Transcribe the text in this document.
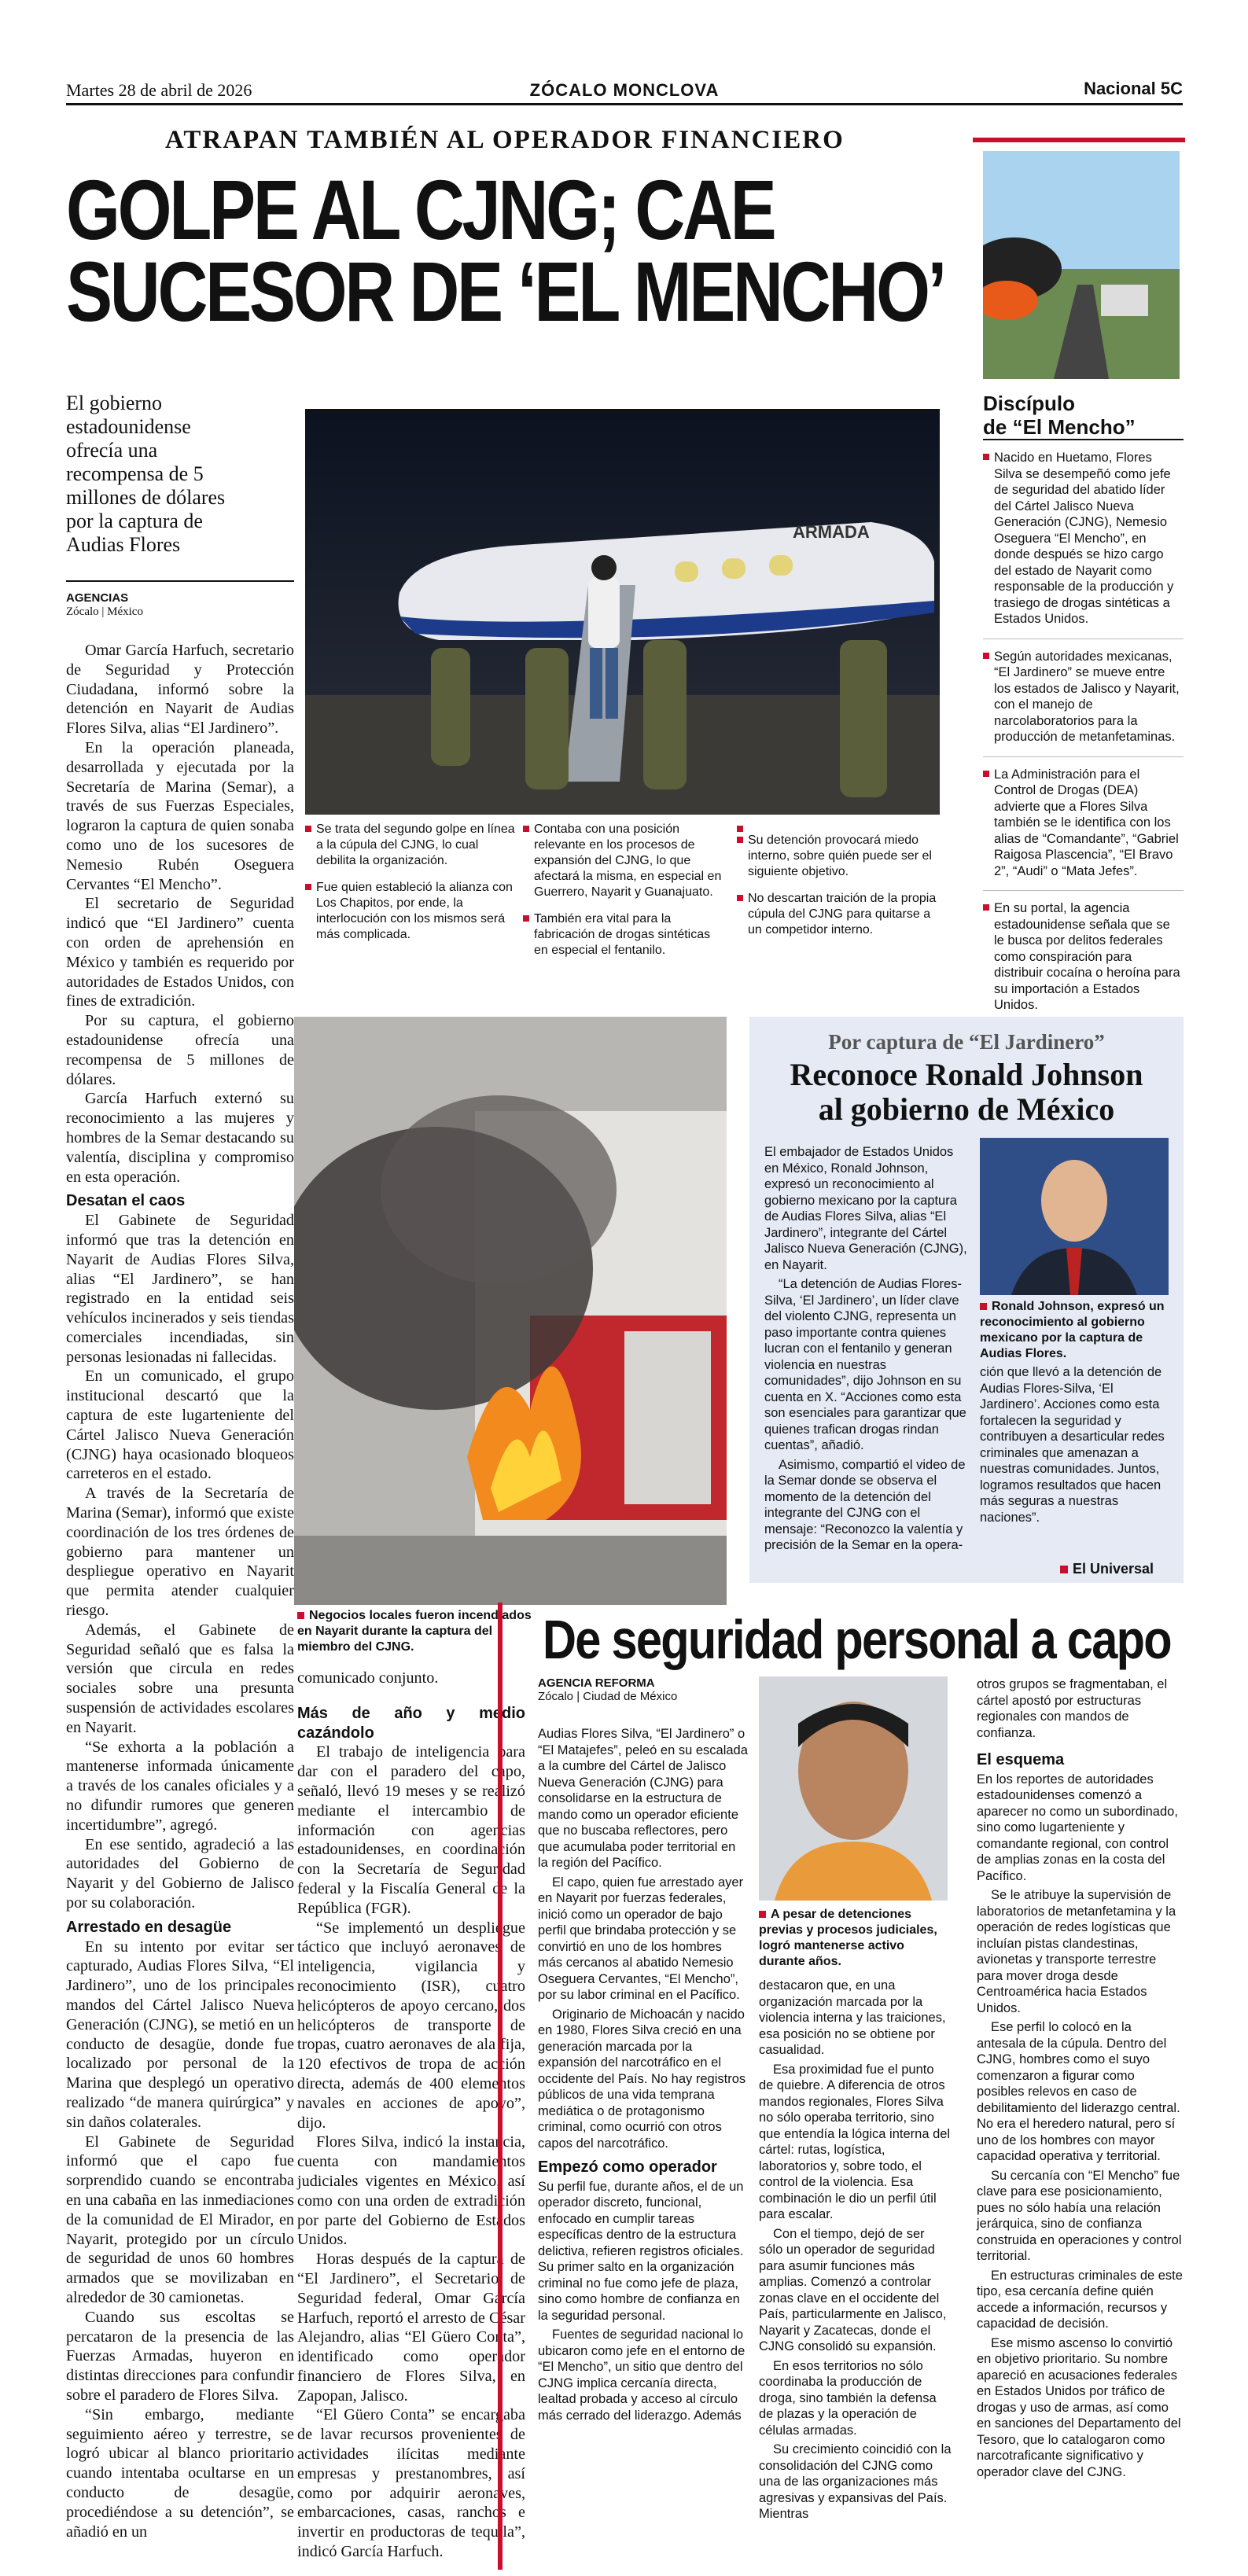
Martes 28 de abril de 2026	ZÓCALO MONCLOVA	Nacional 5C
ATRAPAN TAMBIÉN AL OPERADOR FINANCIERO
GOLPE AL CJNG; CAE
SUCESOR DE ‘EL MENCHO’
El gobierno estadounidense ofrecía una recompensa de 5 millones de dólares por la captura de Audias Flores
AGENCIAS
Zócalo | México

Omar García Harfuch, secretario de Seguridad y Protección Ciudadana, informó sobre la detención en Nayarit de Audias Flores Silva, alias “El Jardinero”.

En la operación planeada, desarrollada y ejecutada por la Secretaría de Marina (Semar), a través de sus Fuerzas Especiales, lograron la captura de quien sonaba como uno de los sucesores de Nemesio Rubén Oseguera Cervantes “El Mencho”.

El secretario de Seguridad indicó que “El Jardinero” cuenta con orden de aprehensión en México y también es requerido por autoridades de Estados Unidos, con fines de extradición.

Por su captura, el gobierno estadounidense ofrecía una recompensa de 5 millones de dólares.

García Harfuch externó su reconocimiento a las mujeres y hombres de la Semar destacando su valentía, disciplina y compromiso en esta operación.

Desatan el caos

El Gabinete de Seguridad informó que tras la detención en Nayarit de Audias Flores Silva, alias “El Jardinero”, se han registrado en la entidad seis vehículos incinerados y seis tiendas comerciales incendiadas, sin personas lesionadas ni fallecidas.

En un comunicado, el grupo institucional descartó que la captura de este lugarteniente del Cártel Jalisco Nueva Generación (CJNG) haya ocasionado bloqueos carreteros en el estado.

A través de la Secretaría de Marina (Semar), informó que existe coordinación de los tres órdenes de gobierno para mantener un despliegue operativo en Nayarit que permita atender cualquier riesgo.

Además, el Gabinete de Seguridad señaló que es falsa la versión que circula en redes sociales sobre una presunta suspensión de actividades escolares en Nayarit.

“Se exhorta a la población a mantenerse informada únicamente a través de los canales oficiales y a no difundir rumores que generen incertidumbre”, agregó.

En ese sentido, agradeció a las autoridades del Gobierno de Nayarit y del Gobierno de Jalisco por su colaboración.

Arrestado en desagüe

En su intento por evitar ser capturado, Audias Flores Silva, “El Jardinero”, uno de los principales mandos del Cártel Jalisco Nueva Generación (CJNG), se metió en un conducto de desagüe, donde fue localizado por personal de la Marina que desplegó un operativo realizado “de manera quirúrgica” y sin daños colaterales.

El Gabinete de Seguridad informó que el capo fue sorprendido cuando se encontraba en una cabaña en las inmediaciones de la comunidad de El Mirador, en Nayarit, protegido por un círculo de seguridad de unos 60 hombres armados que se movilizaban en alrededor de 30 camionetas.

Cuando sus escoltas se percataron de la presencia de las Fuerzas Armadas, huyeron en distintas direcciones para confundir sobre el paradero de Flores Silva.

“Sin embargo, mediante seguimiento aéreo y terrestre, se logró ubicar al blanco prioritario cuando intentaba ocultarse en un conducto de desagüe, procediéndose a su detención”, se añadió en un

ARMADA
Se trata del segundo golpe en línea a la cúpula del CJNG, lo cual debilita la organización.
Fue quien estableció la alianza con Los Chapitos, por ende, la interlocución con los mismos será más complicada.
Contaba con una posición relevante en los procesos de expansión del CJNG, lo que afectará la misma, en especial en Guerrero, Nayarit y Guanajuato.
También era vital para la fabricación de drogas sintéticas en especial el fentanilo.
Su detención provocará miedo interno, sobre quién puede ser el siguiente objetivo.
No descartan traición de la propia cúpula del CJNG para quitarse a un competidor interno.
Discípulo
de “El Mencho”
Nacido en Huetamo, Flores Silva se desempeñó como jefe de seguridad del abatido líder del Cártel Jalisco Nueva Generación (CJNG), Nemesio Oseguera “El Mencho”, en donde después se hizo cargo del estado de Nayarit como responsable de la producción y trasiego de drogas sintéticas a Estados Unidos.
Según autoridades mexicanas, “El Jardinero” se mueve entre los estados de Jalisco y Nayarit, con el manejo de narcolaboratorios para la producción de metanfetaminas.
La Administración para el Control de Drogas (DEA) advierte que a Flores Silva también se le identifica con los alias de “Comandante”, “Gabriel Raigosa Plascencia”, “El Bravo 2”, “Audi” o “Mata Jefes”.
En su portal, la agencia estadounidense señala que se le busca por delitos federales como conspiración para distribuir cocaína o heroína para su importación a Estados Unidos.
Negocios locales fueron incendiados en Nayarit durante la captura del miembro del CJNG.
comunicado conjunto.
Más de año y medio cazándolo

El trabajo de inteligencia para dar con el paradero del capo, señaló, llevó 19 meses y se realizó mediante el intercambio de información con agencias estadounidenses, en coordinación con la Secretaría de Seguridad federal y la Fiscalía General de la República (FGR).

“Se implementó un despliegue táctico que incluyó aeronaves de inteligencia, vigilancia y reconocimiento (ISR), cuatro helicópteros de apoyo cercano, dos helicópteros de transporte de tropas, cuatro aeronaves de ala fija, 120 efectivos de tropa de acción directa, además de 400 elementos navales en acciones de apoyo”, dijo.

Flores Silva, indicó la instancia, cuenta con mandamientos judiciales vigentes en México, así como con una orden de extradición por parte del Gobierno de Estados Unidos.

Horas después de la captura de “El Jardinero”, el Secretario de Seguridad federal, Omar García Harfuch, reportó el arresto de César Alejandro, alias “El Güero Conta”, identificado como operador financiero de Flores Silva, en Zapopan, Jalisco.

“El Güero Conta” se encargaba de lavar recursos provenientes de actividades ilícitas mediante empresas y prestanombres, así como por adquirir aeronaves, embarcaciones, casas, ranchos e invertir en productoras de tequila”, indicó García Harfuch.

Por captura de “El Jardinero”
Reconoce Ronald Johnson
al gobierno de México

El embajador de Estados Unidos en México, Ronald Johnson, expresó un reconocimiento al gobierno mexicano por la captura de Audias Flores Silva, alias “El Jardinero”, integrante del Cártel Jalisco Nueva Generación (CJNG), en Nayarit.

“La detención de Audias Flores-Silva, ‘El Jardinero’, un líder clave del violento CJNG, representa un paso importante contra quienes lucran con el fentanilo y generan violencia en nuestras comunidades”, dijo Johnson en su cuenta en X. “Acciones como esta son esenciales para garantizar que quienes trafican drogas rindan cuentas”, añadió.

Asimismo, compartió el video de la Semar donde se observa el momento de la detención del integrante del CJNG con el mensaje: “Reconozco la valentía y precisión de la Semar en la opera-

Ronald Johnson, expresó un reconocimiento al gobierno mexicano por la captura de Audias Flores.
ción que llevó a la detención de Audias Flores-Silva, ‘El Jardinero’. Acciones como esta fortalecen la seguridad y contribuyen a desarticular redes criminales que amenazan a nuestras comunidades. Juntos, logramos resultados que hacen más seguras a nuestras naciones”.
El Universal
De seguridad personal a capo
AGENCIA REFORMA
Zócalo | Ciudad de México

Audias Flores Silva, “El Jardinero” o “El Matajefes”, peleó en su escalada a la cumbre del Cártel de Jalisco Nueva Generación (CJNG) para consolidarse en la estructura de mando como un operador eficiente que no buscaba reflectores, pero que acumulaba poder territorial en la región del Pacífico.

El capo, quien fue arrestado ayer en Nayarit por fuerzas federales, inició como un operador de bajo perfil que brindaba protección y se convirtió en uno de los hombres más cercanos al abatido Nemesio Oseguera Cervantes, “El Mencho”, por su labor criminal en el Pacífico.

Originario de Michoacán y nacido en 1980, Flores Silva creció en una generación marcada por la expansión del narcotráfico en el occidente del País. No hay registros públicos de una vida temprana mediática o de protagonismo criminal, como ocurrió con otros capos del narcotráfico.

Empezó como operador

Su perfil fue, durante años, el de un operador discreto, funcional, enfocado en cumplir tareas específicas dentro de la estructura delictiva, refieren registros oficiales. Su primer salto en la organización criminal no fue como jefe de plaza, sino como hombre de confianza en la seguridad personal.

Fuentes de seguridad nacional lo ubicaron como jefe en el entorno de “El Mencho”, un sitio que dentro del CJNG implica cercanía directa, lealtad probada y acceso al círculo más cerrado del liderazgo. Además

A pesar de detenciones previas y procesos judiciales, logró mantenerse activo durante años.

destacaron que, en una organización marcada por la violencia interna y las traiciones, esa posición no se obtiene por casualidad.

Esa proximidad fue el punto de quiebre. A diferencia de otros mandos regionales, Flores Silva no sólo operaba territorio, sino que entendía la lógica interna del cártel: rutas, logística, laboratorios y, sobre todo, el control de la violencia. Esa combinación le dio un perfil útil para escalar.

Con el tiempo, dejó de ser sólo un operador de seguridad para asumir funciones más amplias. Comenzó a controlar zonas clave en el occidente del País, particularmente en Jalisco, Nayarit y Zacatecas, donde el CJNG consolidó su expansión.

En esos territorios no sólo coordinaba la producción de droga, sino también la defensa de plazas y la operación de células armadas.

Su crecimiento coincidió con la consolidación del CJNG como una de las organizaciones más agresivas y expansivas del País. Mientras

otros grupos se fragmentaban, el cártel apostó por estructuras regionales con mandos de confianza.

El esquema

En los reportes de autoridades estadounidenses comenzó a aparecer no como un subordinado, sino como lugarteniente y comandante regional, con control de amplias zonas en la costa del Pacífico.

Se le atribuye la supervisión de laboratorios de metanfetamina y la operación de redes logísticas que incluían pistas clandestinas, avionetas y transporte terrestre para mover droga desde Centroamérica hacia Estados Unidos.

Ese perfil lo colocó en la antesala de la cúpula. Dentro del CJNG, hombres como el suyo comenzaron a figurar como posibles relevos en caso de debilitamiento del liderazgo central. No era el heredero natural, pero sí uno de los hombres con mayor capacidad operativa y territorial.

Su cercanía con “El Mencho” fue clave para ese posicionamiento, pues no sólo había una relación jerárquica, sino de confianza construida en operaciones y control territorial.

En estructuras criminales de este tipo, esa cercanía define quién accede a información, recursos y capacidad de decisión.

Ese mismo ascenso lo convirtió en objetivo prioritario. Su nombre apareció en acusaciones federales en Estados Unidos por tráfico de drogas y uso de armas, así como en sanciones del Departamento del Tesoro, que lo catalogaron como narcotraficante significativo y operador clave del CJNG.
